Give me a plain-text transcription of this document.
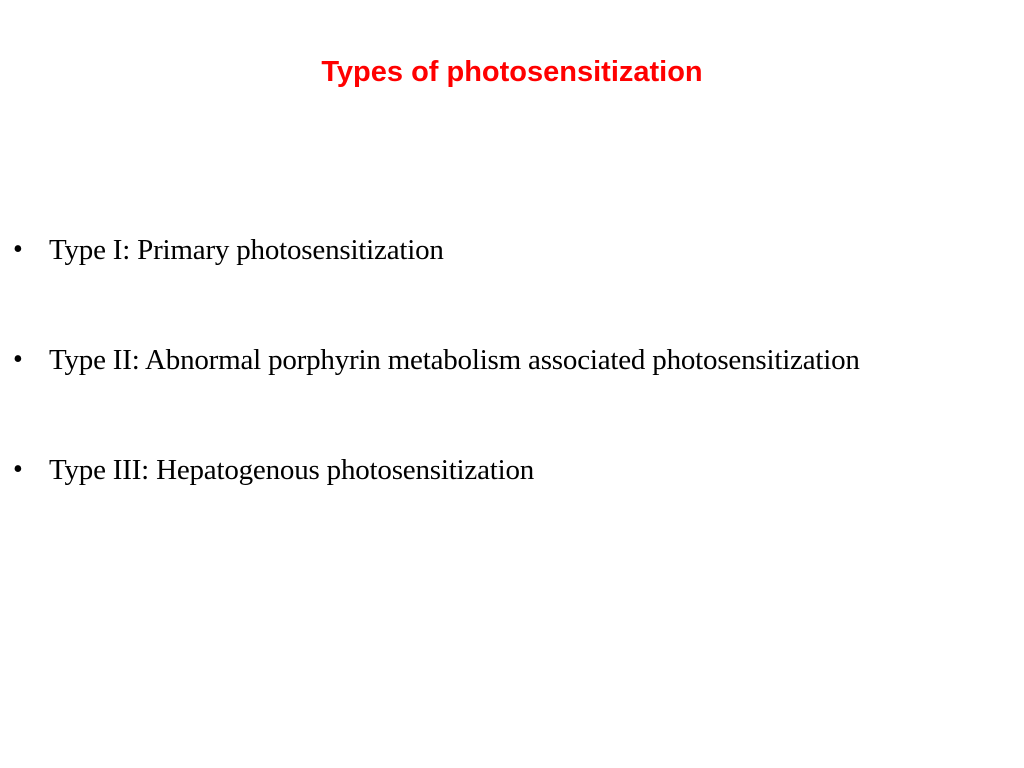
Types of photosensitization
• Type I: Primary photosensitization
• Type II: Abnormal porphyrin metabolism associated photosensitization
• Type III: Hepatogenous photosensitization
